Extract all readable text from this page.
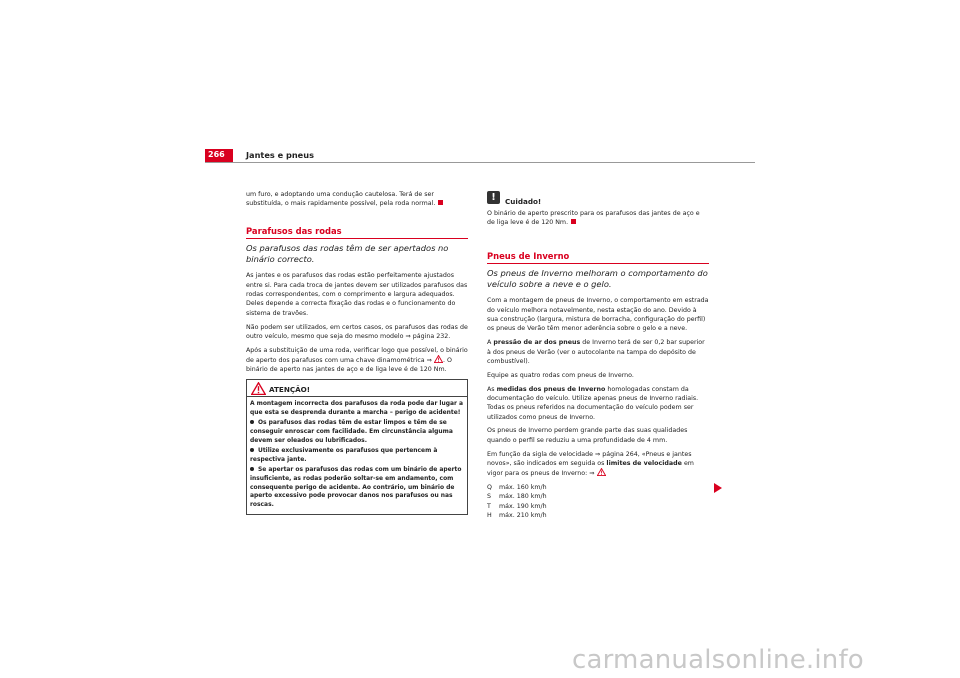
266	Jantes e pneus

um furo, e adoptando uma condução cautelosa. Terá de ser substituída, o mais rapidamente possível, pela roda normal.

Parafusos das rodas
Os parafusos das rodas têm de ser apertados no binário correcto.

As jantes e os parafusos das rodas estão perfeitamente ajustados entre si. Para cada troca de jantes devem ser utilizados parafusos das rodas correspondentes, com o comprimento e largura adequados. Deles depende a correcta fixação das rodas e o funcionamento do sistema de travões.

Não podem ser utilizados, em certos casos, os parafusos das rodas de outro veículo, mesmo que seja do mesmo modelo ⇒ página 232.

Após a substituição de uma roda, verificar logo que possível, o binário de aperto dos parafusos com uma chave dinamométrica ⇒ . O binário de aperto nas jantes de aço e de liga leve é de 120 Nm.

ATENÇÃO!
A montagem incorrecta dos parafusos da roda pode dar lugar a que esta se desprenda durante a marcha – perigo de acidente!
Os parafusos das rodas têm de estar limpos e têm de se conseguir enroscar com facilidade. Em circunstância alguma devem ser oleados ou lubrificados.
Utilize exclusivamente os parafusos que pertencem à respectiva jante.
Se apertar os parafusos das rodas com um binário de aperto insuficiente, as rodas poderão soltar-se em andamento, com consequente perigo de acidente. Ao contrário, um binário de aperto excessivo pode provocar danos nos parafusos ou nas roscas.
!	Cuidado!

O binário de aperto prescrito para os parafusos das jantes de aço e de liga leve é de 120 Nm.

Pneus de Inverno
Os pneus de Inverno melhoram o comportamento do veículo sobre a neve e o gelo.

Com a montagem de pneus de Inverno, o comportamento em estrada do veículo melhora notavelmente, nesta estação do ano. Devido à sua construção (largura, mistura de borracha, configuração do perfil) os pneus de Verão têm menor aderência sobre o gelo e a neve.

A pressão de ar dos pneus de Inverno terá de ser 0,2 bar superior à dos pneus de Verão (ver o autocolante na tampa do depósito de combustível).

Equipe as quatro rodas com pneus de Inverno.

As medidas dos pneus de Inverno homologadas constam da documentação do veículo. Utilize apenas pneus de Inverno radiais. Todas os pneus referidos na documentação do veículo podem ser utilizados como pneus de Inverno.

Os pneus de Inverno perdem grande parte das suas qualidades quando o perfil se reduziu a uma profundidade de 4 mm.

Em função da sigla de velocidade ⇒ página 264, «Pneus e jantes novos», são indicados em seguida os limites de velocidade em vigor para os pneus de Inverno: ⇒

Q	máx. 160 km/h
S	máx. 180 km/h
T	máx. 190 km/h
H	máx. 210 km/h
carmanualsonline.info
